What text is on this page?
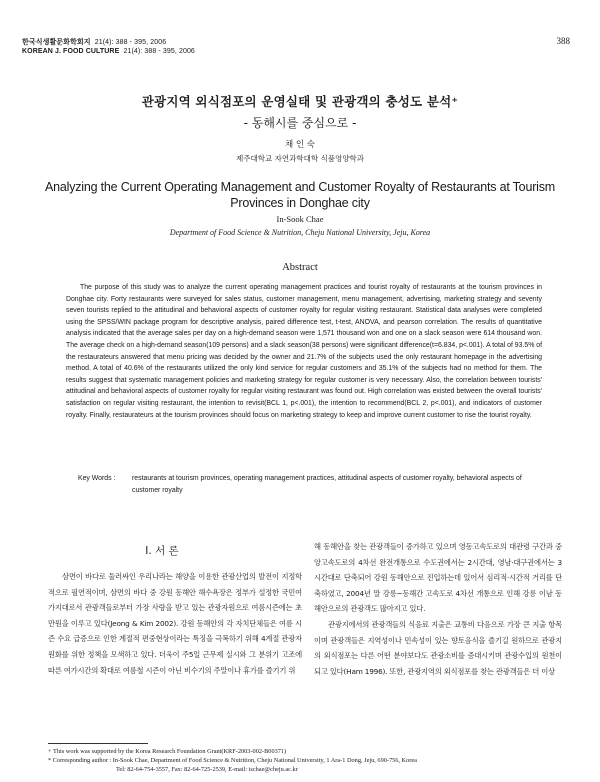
한국식생활문화학회지 21(4): 388 - 395, 2006
KOREAN J. FOOD CULTURE 21(4): 388 - 395, 2006
388
관광지역 외식점포의 운영실태 및 관광객의 충성도 분석⁺
- 동해시를 중심으로 -
채 인 숙
제주대학교 자연과학대학 식품영양학과
Analyzing the Current Operating Management and Customer Royalty of Restaurants at Tourism Provinces in Donghae city
In-Sook Chae
Department of Food Science & Nutrition, Cheju National University, Jeju, Korea
Abstract

The purpose of this study was to analyze the current operating management practices and tourist royalty of restaurants at the tourism provinces in Donghae city. Forty restaurants were surveyed for sales status, customer management, menu management, advertising, marketing strategy and seventy seven tourists replied to the attitudinal and behavioral aspects of customer royalty for regular visiting restaurant. Statistical data analyses were completed using the SPSS/WIN package program for descriptive analysis, paired difference test, t-test, ANOVA, and pearson correlation. The results of quantitative analysis indicated that the average sales per day on a high-demand season were 1,571 thousand won and one on a slack season were 614 thousand won. The average check on a high-demand season(109 persons) and a slack season(38 persons) were significant difference(t=6.834, p<.001). A total of 93.5% of the restaurateurs answered that menu pricing was decided by the owner and 21.7% of the subjects used the only restaurant homepage in the advertising method. A total of 40.6% of the restaurants utilized the only kind service for regular customers and 35.1% of the subjects had no method for them. The results suggest that systematic management policies and marketing strategy for regular customer is very necessary. Also, the correlation between tourists' attitudinal and behavioral aspects of customer royalty for regular visiting restaurant was found out. High correlation was existed between the overall tourists' satisfaction on regular visiting restaurant, the intention to revisit(BCL 1, p<.001), the intention to recommend(BCL 2, p<.001), and indicators of customer royalty. Finally, restaurateurs at the tourism provinces should focus on marketing strategy to keep and improve current customer to rise the tourist royalty.

Key Words : restaurants at tourism provinces, operating management practices, attitudinal aspects of customer royalty, behavioral aspects of customer royalty
I. 서 론

삼면이 바다로 둘러싸인 우리나라는 해양을 이용한 관광산업의 발전이 지정학적으로 필연적이며, 삼면의 바다 중 강원 동해안 해수욕장은 정부가 설정한 국민여가지대로서 관광객들로부터 가장 사랑을 받고 있는 관광자원으로 여름시즌에는 초만원을 이루고 있다(Jeong & Kim 2002). 강원 동해안의 각 자치단체들은 여름 시즌 수요 급증으로 인한 계절적 편중현상이라는 특징을 극복하기 위해 4계절 관광자원화를 위한 정책을 모색하고 있다. 더욱이 주5일 근무제 실시와 그 분위기 고조에 따른 여가시간의 확대로 여름철 시즌이 아닌 비수기의 주말이나 휴가를 즐기기 위

해 동해안을 찾는 관광객들이 증가하고 있으며 영동고속도로의 대관령 구간과 중앙고속도로의 4차선 완전개통으로 수도권에서는 2시간대, 영남·대구권에서는 3시간대로 단축되어 강원 동해안으로 진입하는데 있어서 심리적·시간적 거리를 단축하였고, 2004년 말 강릉~동해간 고속도로 4차선 개통으로 인해 강릉 이남 동해안으로의 관광객도 많아지고 있다.
관광지에서의 관광객들의 식음료 지출은 교통비 다음으로 가장 큰 지출 항목이며 관광객들은 지역성이나 민속성이 있는 향토음식을 즐기길 원하므로 관광지의 외식점포는 다른 어떤 분야보다도 관광소비를 증대시키며 관광수입의 원천이 되고 있다(Ham 1996). 또한, 관광지역의 외식점포를 찾는 관광객들은 더 이상
+ This work was supported by the Korea Research Foundation Grant(KRF-2003-002-B00371)
* Corresponding author : In-Sook Chae, Department of Food Science & Nutrition, Cheju National University, 1 Ara-1 Dong, Jeju, 690-756, Korea
Tel: 82-64-754-3557, Fax: 82-64-725-2539, E-mail: ischae@cheju.ac.kr
